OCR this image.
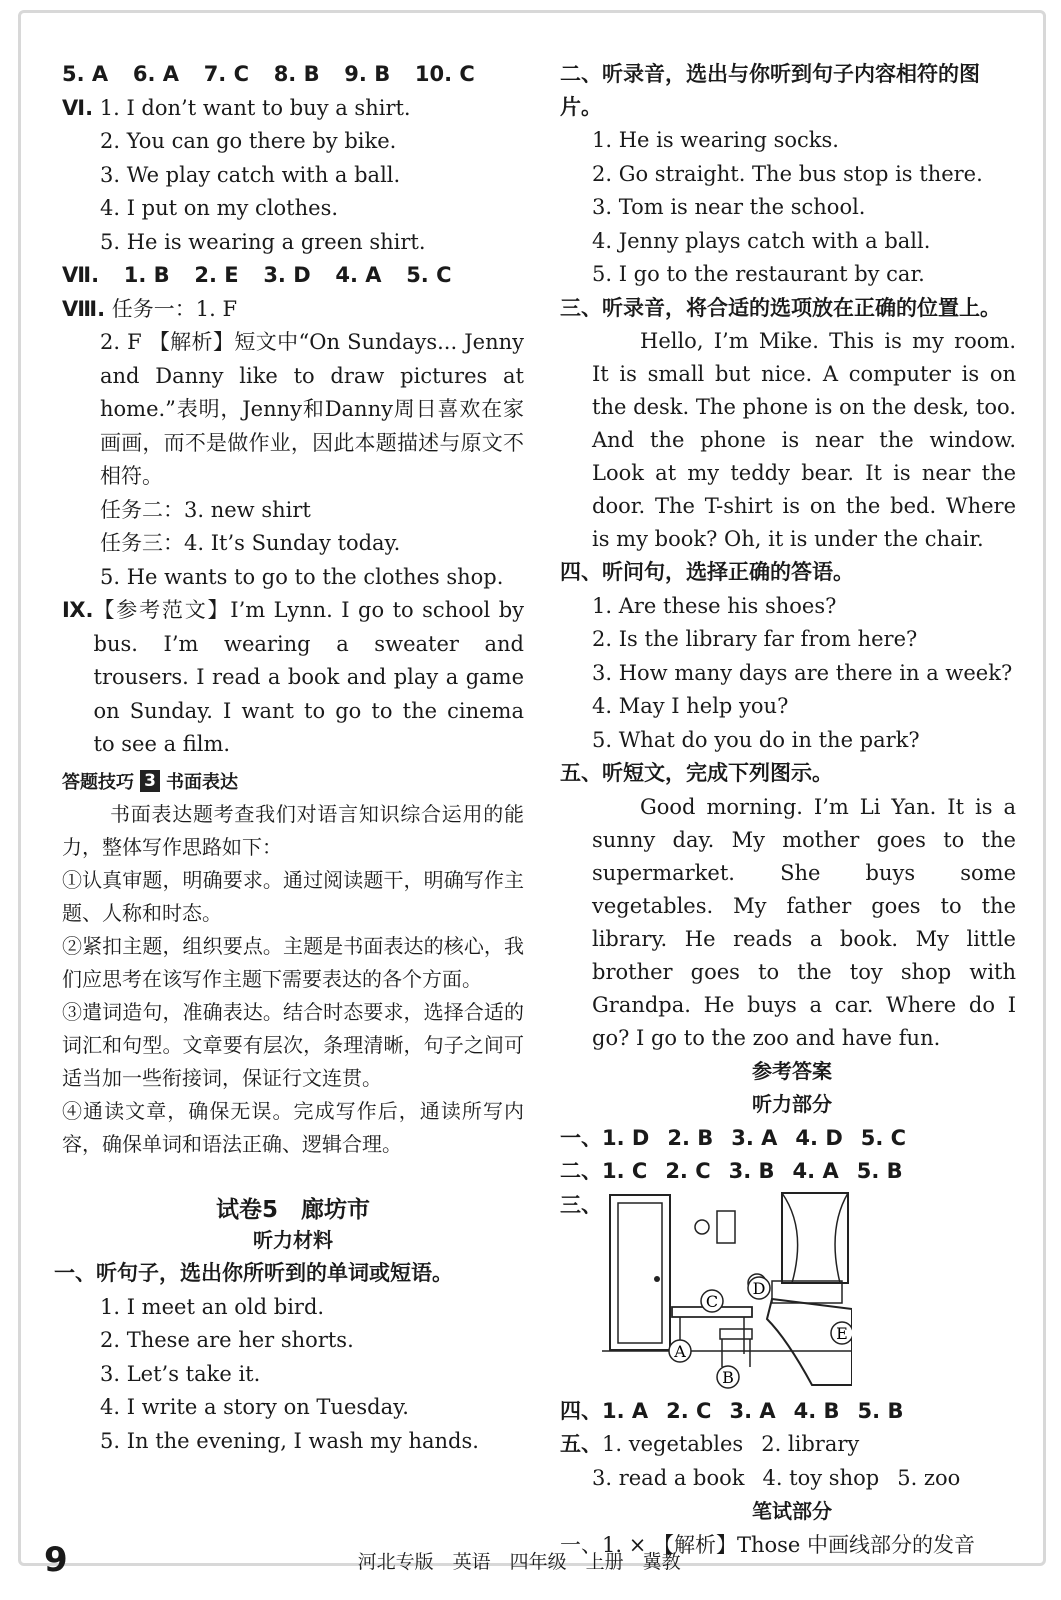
5. A 6. A 7. C 8. B 9. B 10. C
Ⅵ. 1. I don’t want to buy a shirt.
2. You can go there by bike.
3. We play catch with a ball.
4. I put on my clothes.
5. He is wearing a green shirt.
Ⅶ. 1. B 2. E 3. D 4. A 5. C
Ⅷ. 任务一：1. F
2. F 【解析】短文中“On Sundays... Jenny and Danny like to draw pictures at home.”表明，Jenny和Danny周日喜欢在家画画，而不是做作业，因此本题描述与原文不相符。
任务二：3. new shirt
任务三：4. It’s Sunday today.
5. He wants to go to the clothes shop.
Ⅸ. 【参考范文】I’m Lynn. I go to school by bus. I’m wearing a sweater and trousers. I read a book and play a game on Sunday. I want to go to the cinema to see a film.
答题技巧 3 书面表达
书面表达题考查我们对语言知识综合运用的能力，整体写作思路如下：
①认真审题，明确要求。通过阅读题干，明确写作主题、人称和时态。
②紧扣主题，组织要点。主题是书面表达的核心，我们应思考在该写作主题下需要表达的各个方面。
③遣词造句，准确表达。结合时态要求，选择合适的词汇和句型。文章要有层次，条理清晰，句子之间可适当加一些衔接词，保证行文连贯。
④通读文章，确保无误。完成写作后，通读所写内容，确保单词和语法正确、逻辑合理。
试卷5　廊坊市
听力材料
一、听句子，选出你所听到的单词或短语。
1. I meet an old bird.
2. These are her shorts.
3. Let’s take it.
4. I write a story on Tuesday.
5. In the evening, I wash my hands.
二、听录音，选出与你听到句子内容相符的图片。
1. He is wearing socks.
2. Go straight. The bus stop is there.
3. Tom is near the school.
4. Jenny plays catch with a ball.
5. I go to the restaurant by car.
三、听录音，将合适的选项放在正确的位置上。
Hello, I’m Mike. This is my room. It is small but nice. A computer is on the desk. The phone is on the desk, too. And the phone is near the window. Look at my teddy bear. It is near the door. The T-shirt is on the bed. Where is my book? Oh, it is under the chair.
四、听问句，选择正确的答语。
1. Are these his shoes?
2. Is the library far from here?
3. How many days are there in a week?
4. May I help you?
5. What do you do in the park?
五、听短文，完成下列图示。
Good morning. I’m Li Yan. It is a sunny day. My mother goes to the supermarket. She buys some vegetables. My father goes to the library. He reads a book. My little brother goes to the toy shop with Grandpa. He buys a car. Where do I go? I go to the zoo and have fun.
参考答案
听力部分
一、1. D 2. B 3. A 4. D 5. C
二、1. C 2. C 3. B 4. A 5. B
三、
A
B
C
D
E
四、1. A 2. C 3. A 4. B 5. B
五、1. vegetables 2. library
3. read a book 4. toy shop 5. zoo
笔试部分
一、1. × 【解析】Those 中画线部分的发音
9	河北专版　英语　四年级　上册　冀教
